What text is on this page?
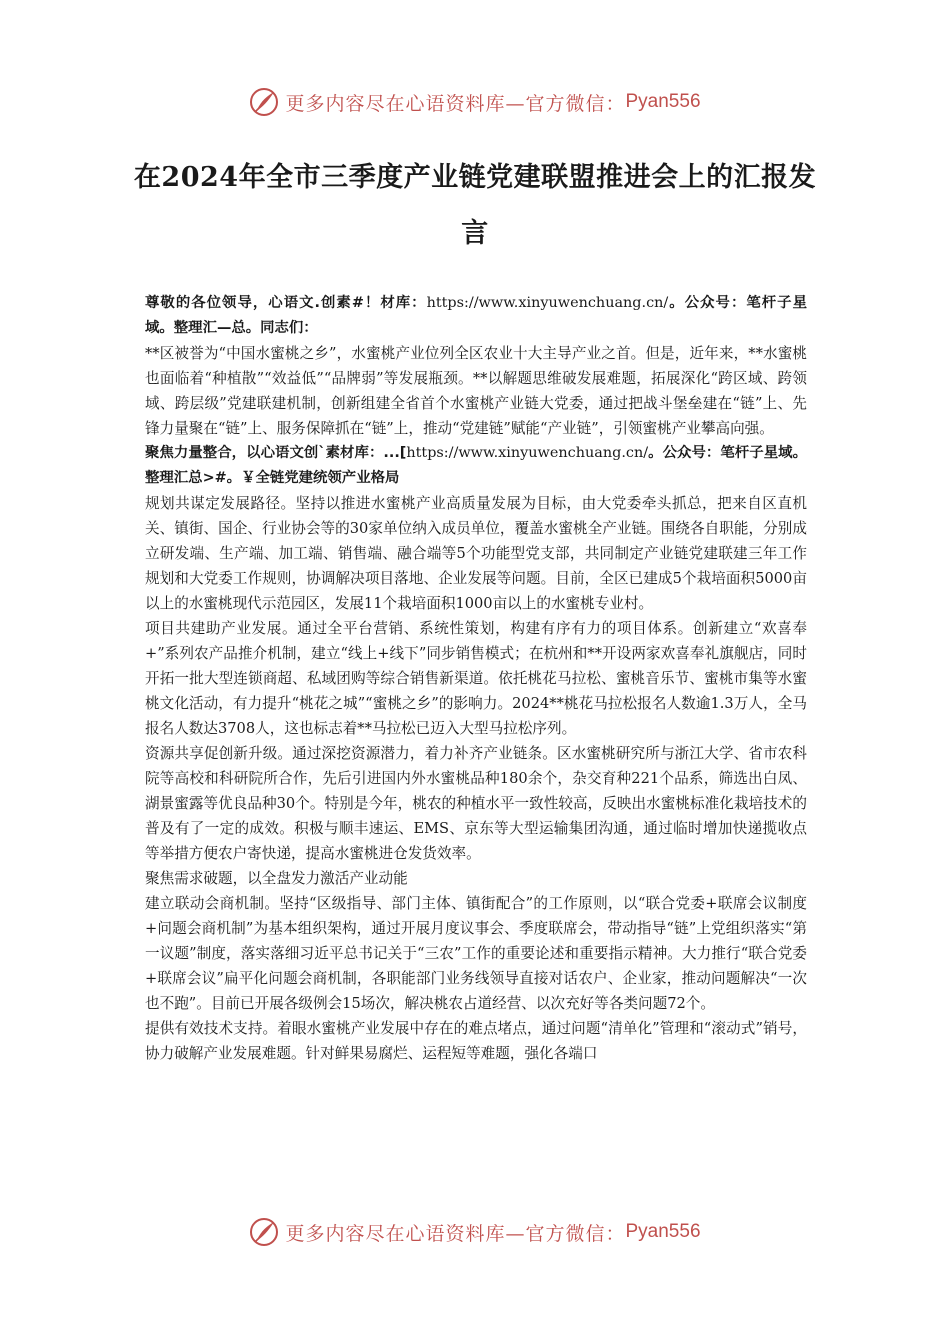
更多内容尽在心语资料库—官方微信： Pyan556
在2024年全市三季度产业链党建联盟推进会上的汇报发言

尊敬的各位领导，心语文.创素#！材库：https://www.xinyuwenchuang.cn/。公众号：笔杆子星域。整理汇—总。同志们：

**区被誉为“中国水蜜桃之乡”，水蜜桃产业位列全区农业十大主导产业之首。但是，近年来，**水蜜桃也面临着“种植散”“效益低”“品牌弱”等发展瓶颈。**以解题思维破发展难题，拓展深化“跨区域、跨领域、跨层级”党建联建机制，创新组建全省首个水蜜桃产业链大党委，通过把战斗堡垒建在“链”上、先锋力量聚在“链”上、服务保障抓在“链”上，推动“党建链”赋能“产业链”，引领蜜桃产业攀高向强。

聚焦力量整合，以心语文创`素材库：...[https://www.xinyuwenchuang.cn/。公众号：笔杆子星域。整理汇总>#。￥全链党建统领产业格局

规划共谋定发展路径。坚持以推进水蜜桃产业高质量发展为目标，由大党委牵头抓总，把来自区直机关、镇街、国企、行业协会等的30家单位纳入成员单位，覆盖水蜜桃全产业链。围绕各自职能，分别成立研发端、生产端、加工端、销售端、融合端等5个功能型党支部，共同制定产业链党建联建三年工作规划和大党委工作规则，协调解决项目落地、企业发展等问题。目前，全区已建成5个栽培面积5000亩以上的水蜜桃现代示范园区，发展11个栽培面积1000亩以上的水蜜桃专业村。

项目共建助产业发展。通过全平台营销、系统性策划，构建有序有力的项目体系。创新建立“欢喜奉+”系列农产品推介机制，建立“线上+线下”同步销售模式；在杭州和**开设两家欢喜奉礼旗舰店，同时开拓一批大型连锁商超、私域团购等综合销售新渠道。依托桃花马拉松、蜜桃音乐节、蜜桃市集等水蜜桃文化活动，有力提升“桃花之城”“蜜桃之乡”的影响力。2024**桃花马拉松报名人数逾1.3万人，全马报名人数达3708人，这也标志着**马拉松已迈入大型马拉松序列。

资源共享促创新升级。通过深挖资源潜力，着力补齐产业链条。区水蜜桃研究所与浙江大学、省市农科院等高校和科研院所合作，先后引进国内外水蜜桃品种180余个，杂交育种221个品系，筛选出白凤、湖景蜜露等优良品种30个。特别是今年，桃农的种植水平一致性较高，反映出水蜜桃标准化栽培技术的普及有了一定的成效。积极与顺丰速运、EMS、京东等大型运输集团沟通，通过临时增加快递揽收点等举措方便农户寄快递，提高水蜜桃进仓发货效率。

聚焦需求破题，以全盘发力激活产业动能

建立联动会商机制。坚持“区级指导、部门主体、镇街配合”的工作原则，以“联合党委+联席会议制度+问题会商机制”为基本组织架构，通过开展月度议事会、季度联席会，带动指导“链”上党组织落实“第一议题”制度，落实落细习近平总书记关于“三农”工作的重要论述和重要指示精神。大力推行“联合党委+联席会议”扁平化问题会商机制，各职能部门业务线领导直接对话农户、企业家，推动问题解决“一次也不跑”。目前已开展各级例会15场次，解决桃农占道经营、以次充好等各类问题72个。

提供有效技术支持。着眼水蜜桃产业发展中存在的难点堵点，通过问题“清单化”管理和“滚动式”销号，协力破解产业发展难题。针对鲜果易腐烂、运程短等难题，强化各端口

更多内容尽在心语资料库—官方微信： Pyan556
